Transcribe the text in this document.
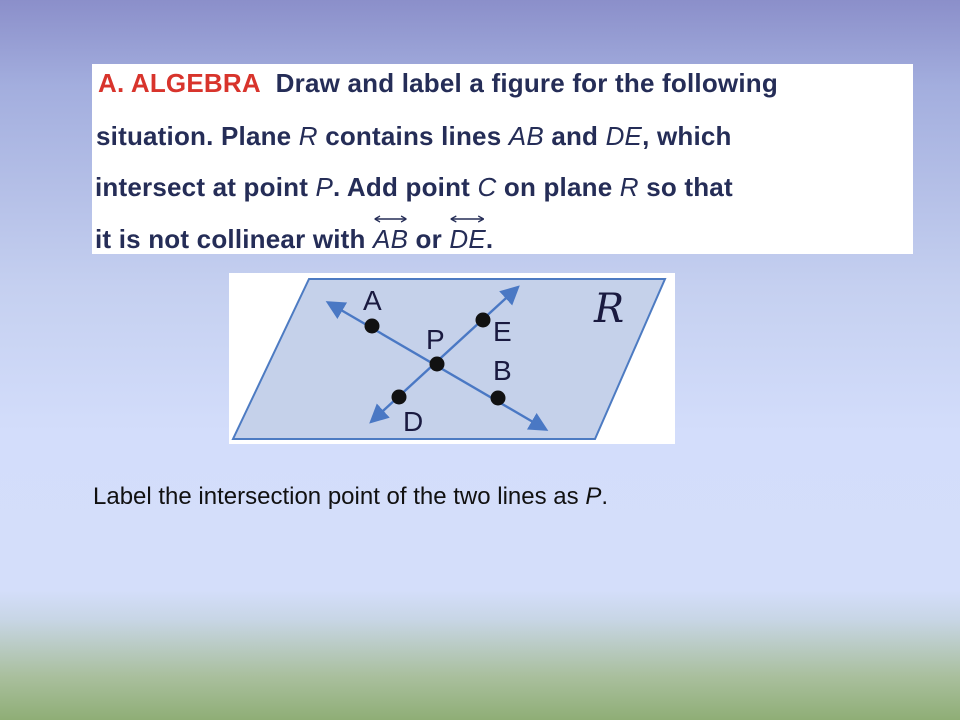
A. ALGEBRA Draw and label a figure for the following
situation. Plane R contains lines AB and DE, which
intersect at point P. Add point C on plane R so that
it is not collinear with
AB or
DE.
A
P E
B
D
R
Label the intersection point of the two lines as P.
